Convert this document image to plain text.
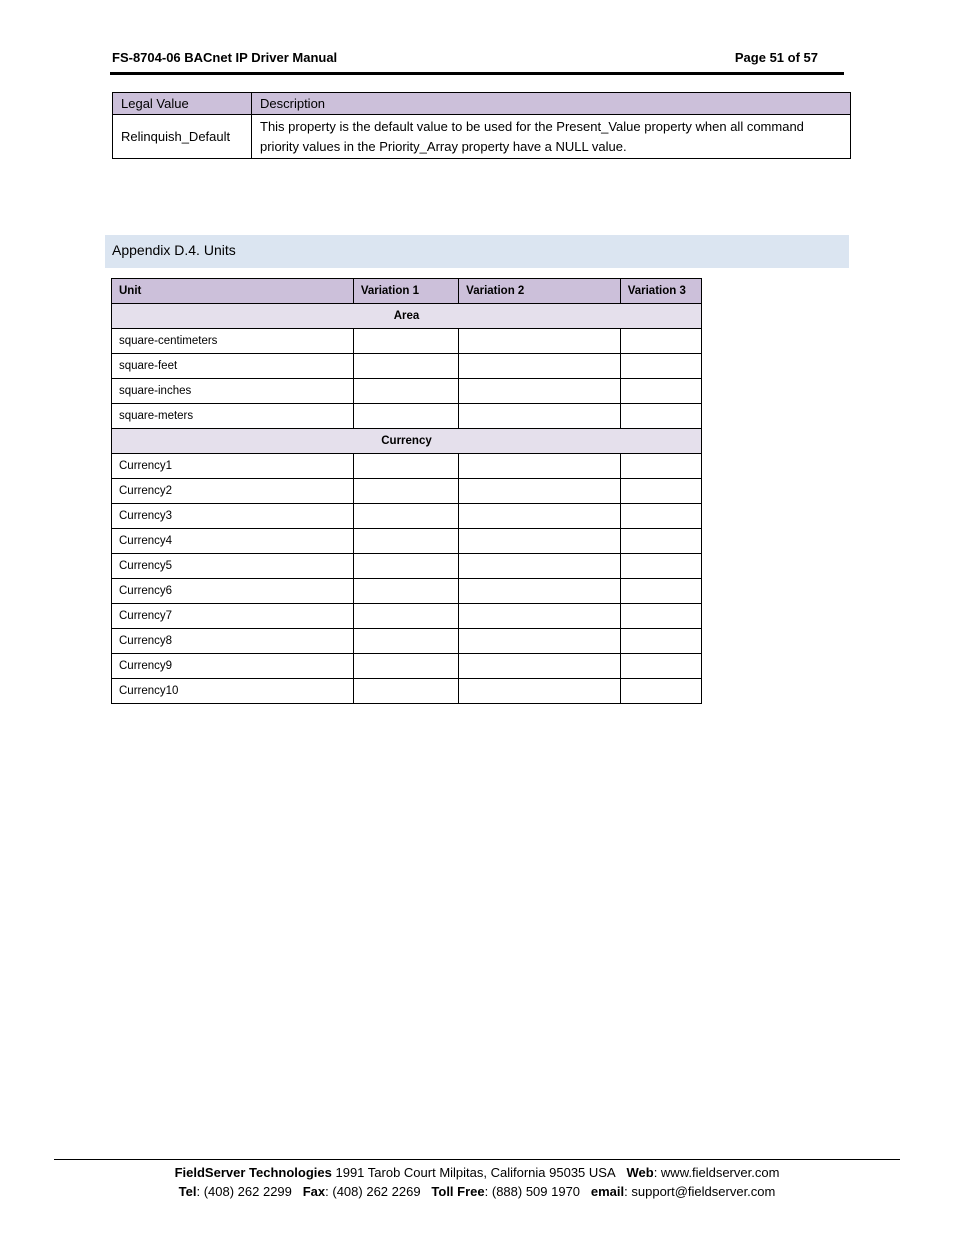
FS-8704-06 BACnet IP Driver Manual	Page 51 of 57
Legal Value	Description
Relinquish_Default	This property is the default value to be used for the Present_Value property when all command priority values in the Priority_Array property have a NULL value.
Appendix D.4. Units
Unit	Variation 1	Variation 2	Variation 3
Area			
square-centimeters			
square-feet			
square-inches			
square-meters			
Currency			
Currency1			
Currency2			
Currency3			
Currency4			
Currency5			
Currency6			
Currency7			
Currency8			
Currency9			
Currency10			
FieldServer Technologies 1991 Tarob Court Milpitas, California 95035 USA Web: www.fieldserver.com
Tel: (408) 262 2299 Fax: (408) 262 2269 Toll Free: (888) 509 1970 email: support@fieldserver.com
